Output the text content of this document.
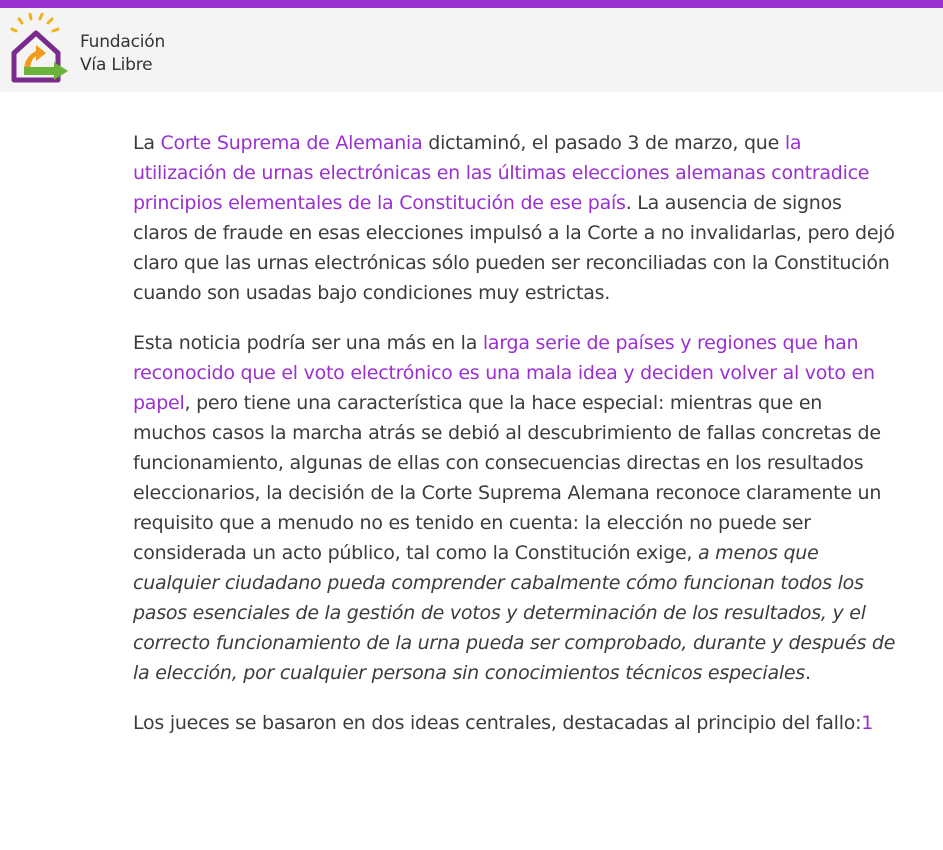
Fundación
Vía Libre

La Corte Suprema de Alemania dictaminó, el pasado 3 de marzo, que la utilización de urnas electrónicas en las últimas elecciones alemanas contradice principios elementales de la Constitución de ese país. La ausencia de signos claros de fraude en esas elecciones impulsó a la Corte a no invalidarlas, pero dejó claro que las urnas electrónicas sólo pueden ser reconciliadas con la Constitución cuando son usadas bajo condiciones muy estrictas.

Esta noticia podría ser una más en la larga serie de países y regiones que han reconocido que el voto electrónico es una mala idea y deciden volver al voto en papel, pero tiene una característica que la hace especial: mientras que en muchos casos la marcha atrás se debió al descubrimiento de fallas concretas de funcionamiento, algunas de ellas con consecuencias directas en los resultados eleccionarios, la decisión de la Corte Suprema Alemana reconoce claramente un requisito que a menudo no es tenido en cuenta: la elección no puede ser considerada un acto público, tal como la Constitución exige, a menos que cualquier ciudadano pueda comprender cabalmente cómo funcionan todos los pasos esenciales de la gestión de votos y determinación de los resultados, y el correcto funcionamiento de la urna pueda ser comprobado, durante y después de la elección, por cualquier persona sin conocimientos técnicos especiales.

Los jueces se basaron en dos ideas centrales, destacadas al principio del fallo:1
